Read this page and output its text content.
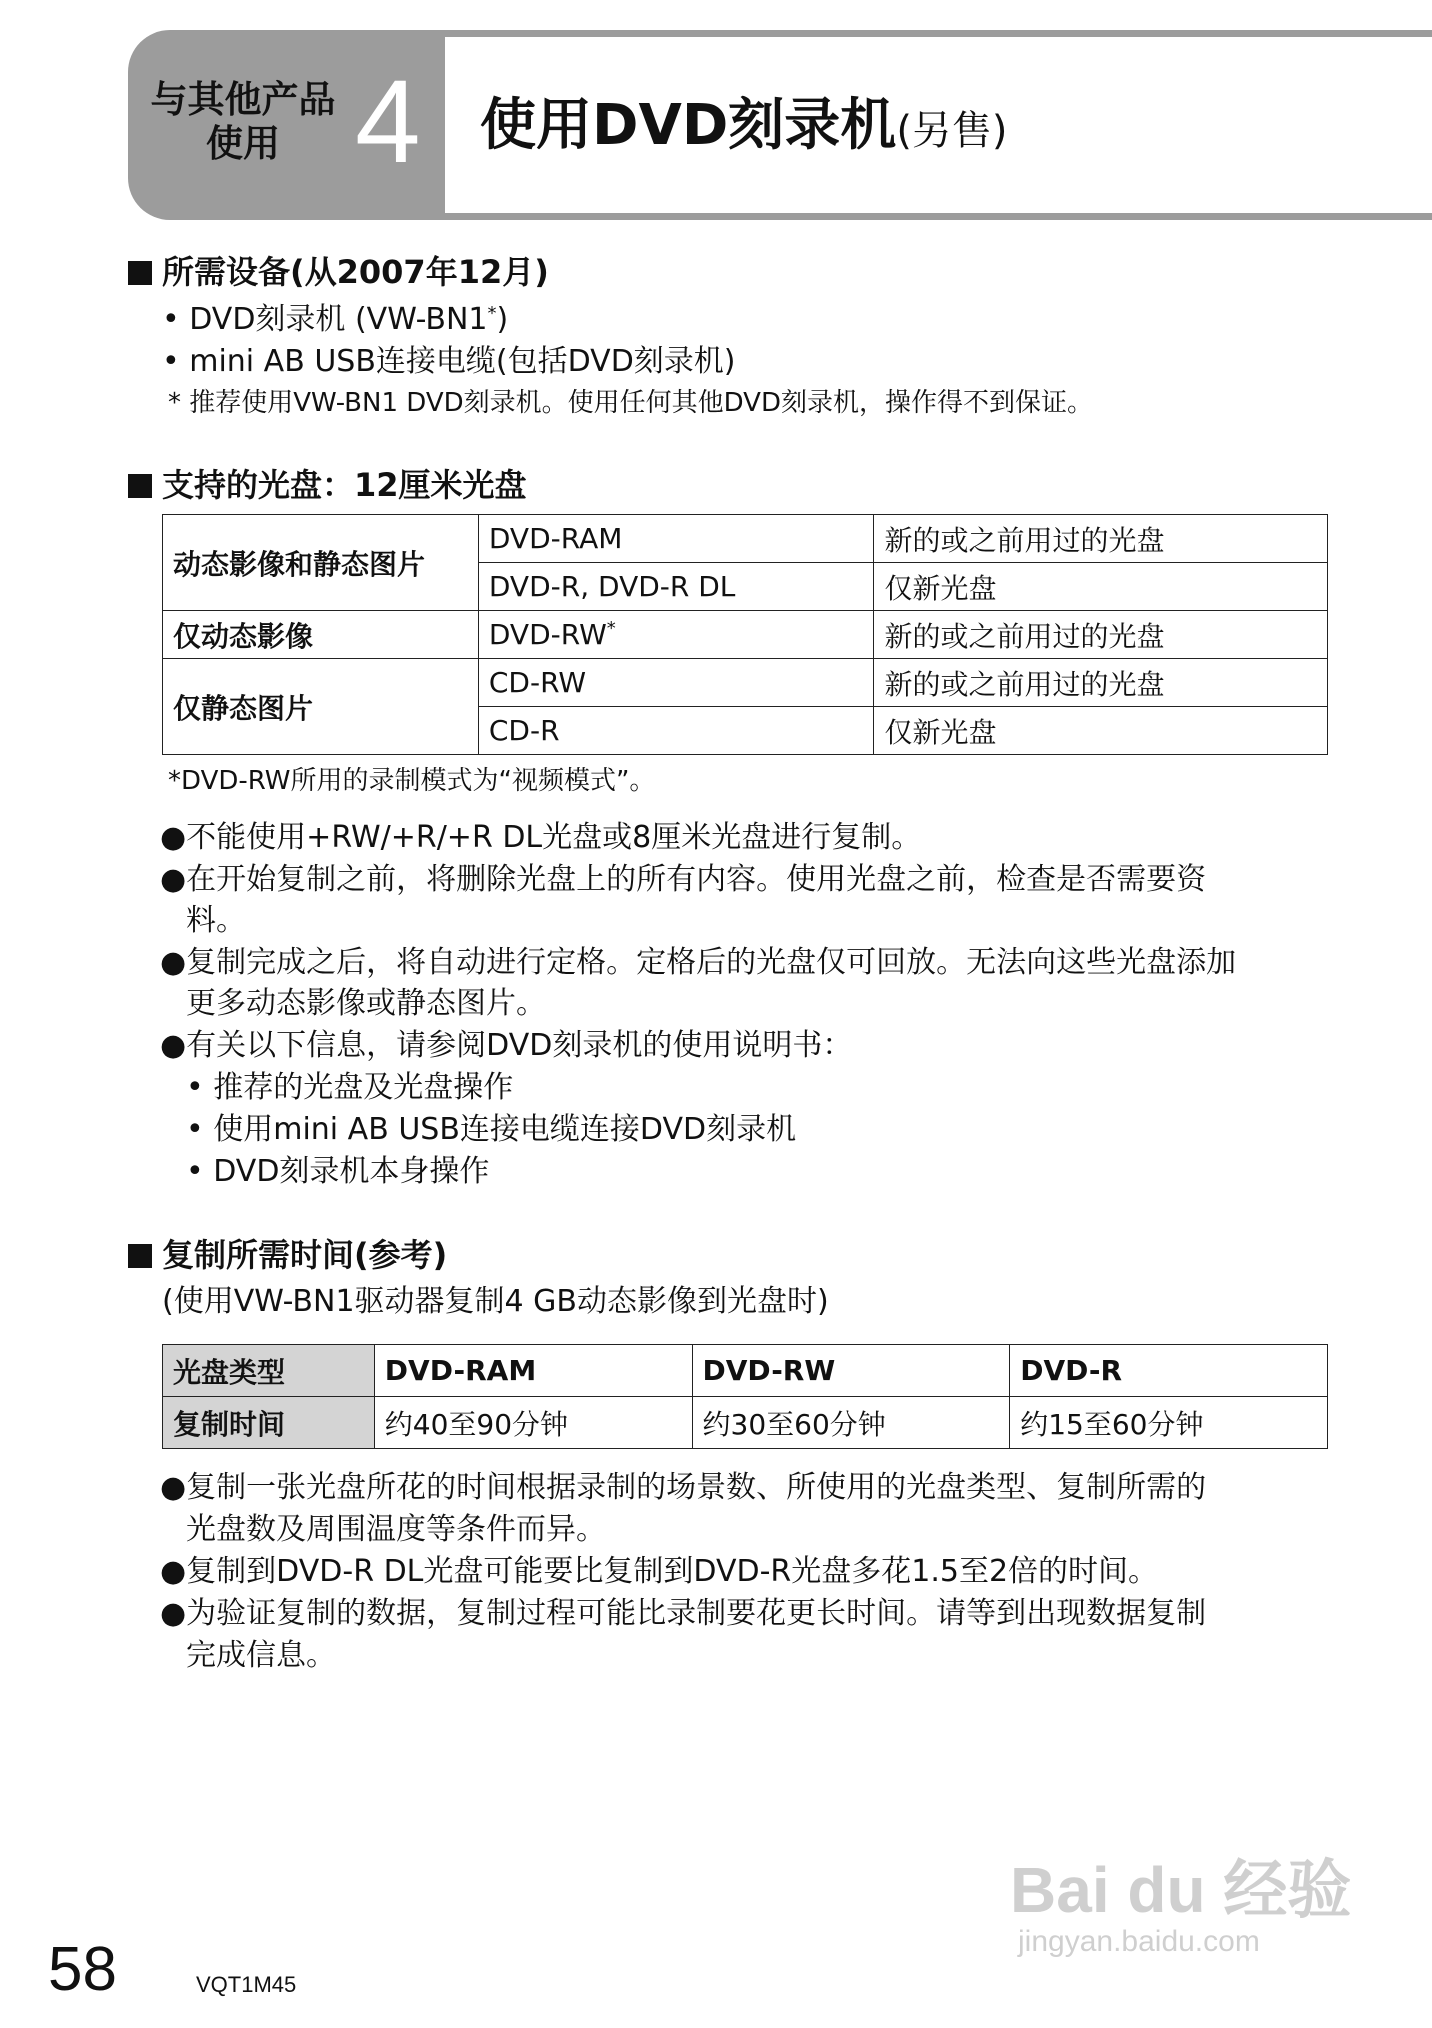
与其他产品
使用 4 使用DVD刻录机(另售)
所需设备(从2007年12月)
• DVD刻录机 (VW-BN1*)
• mini AB USB连接电缆(包括DVD刻录机)
* 推荐使用VW-BN1 DVD刻录机。使用任何其他DVD刻录机，操作得不到保证。
支持的光盘：12厘米光盘
动态影像和静态图片	DVD-RAM	新的或之前用过的光盘
	DVD-R, DVD-R DL	仅新光盘
仅动态影像	DVD-RW*	新的或之前用过的光盘
仅静态图片	CD-RW	新的或之前用过的光盘
	CD-R	仅新光盘
*DVD-RW所用的录制模式为“视频模式”。
●不能使用+RW/+R/+R DL光盘或8厘米光盘进行复制。
●在开始复制之前，将删除光盘上的所有内容。使用光盘之前，检查是否需要资
料。
●复制完成之后，将自动进行定格。定格后的光盘仅可回放。无法向这些光盘添加
更多动态影像或静态图片。
●有关以下信息，请参阅DVD刻录机的使用说明书：
• 推荐的光盘及光盘操作
• 使用mini AB USB连接电缆连接DVD刻录机
• DVD刻录机本身操作
复制所需时间(参考)
(使用VW-BN1驱动器复制4 GB动态影像到光盘时)
光盘类型	DVD-RAM	DVD-RW	DVD-R
复制时间	约40至90分钟	约30至60分钟	约15至60分钟
●复制一张光盘所花的时间根据录制的场景数、所使用的光盘类型、复制所需的
光盘数及周围温度等条件而异。
●复制到DVD-R DL光盘可能要比复制到DVD-R光盘多花1.5至2倍的时间。
●为验证复制的数据，复制过程可能比录制要花更长时间。请等到出现数据复制
完成信息。
Bai du 经验
jingyan.baidu.com
58	VQT1M45
